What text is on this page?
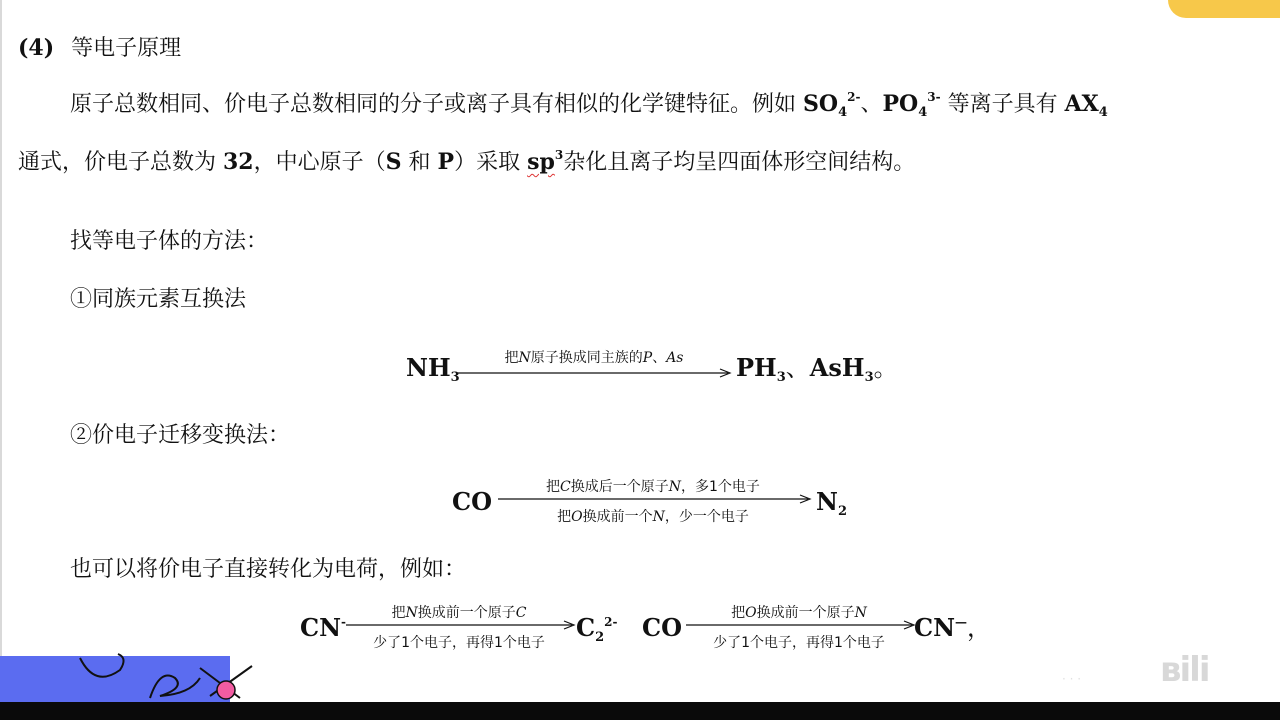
(4) 等电子原理
原子总数相同、价电子总数相同的分子或离子具有相似的化学键特征。例如 $SO_4^{2-}$、$PO_4^{3-}$ 等离子具有 $AX_4$
通式，价电子总数为 32，中心原子（S 和 P）采取 $sp^3$杂化且离子均呈四面体形空间结构。
找等电子体的方法：
①同族元素互换法
$NH_3$
把N原子换成同主族的P、As	$PH_3$、AsH$_3$。
②价电子迁移变换法：
CO	把C换成后一个原子N，多1个电子
把O换成前一个N，少一个电子
$N_2$
也可以将价电子直接转化为电荷，例如：
CN-
把N换成前一个原子C
少了1个电子，再得1个电子
$C_2^{2-}$ CO	把O换成前一个原子N
少了1个电子，再得1个电子
CN—，
· · · ʙili
